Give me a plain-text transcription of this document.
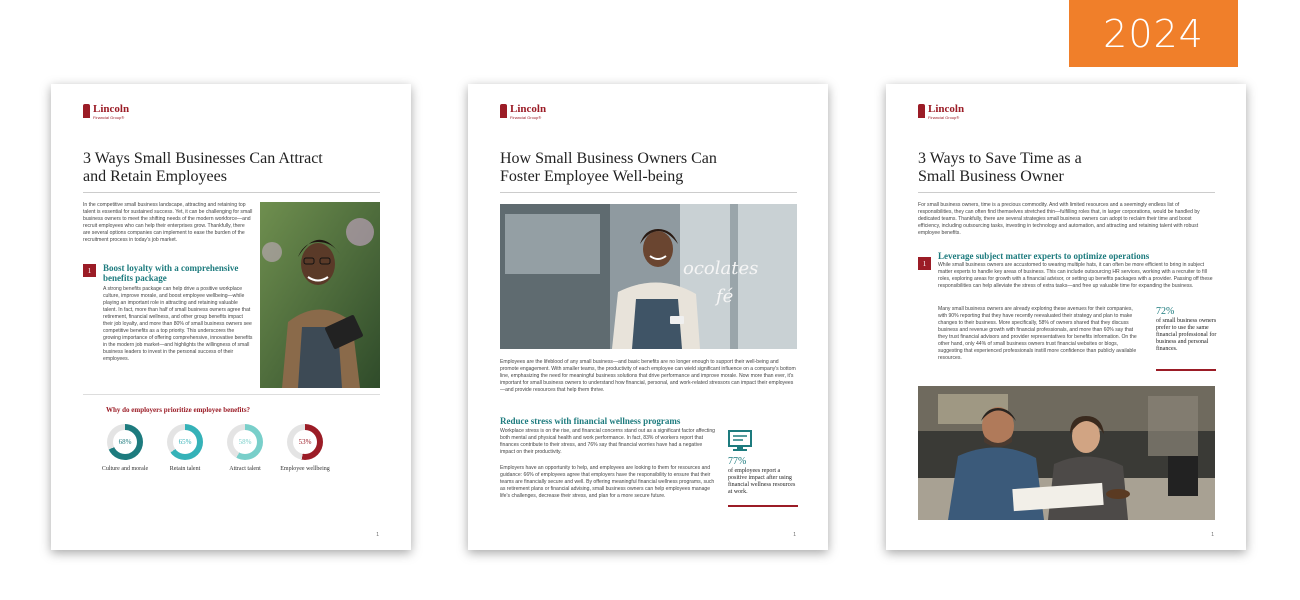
2024
Lincoln
Financial Group®
3 Ways Small Businesses Can Attract and Retain Employees

In the competitive small business landscape, attracting and retaining top talent is essential for sustained success. Yet, it can be challenging for small business owners to meet the shifting needs of the modern workforce—and recruit employees who can help their enterprises grow. Thankfully, there are several options companies can implement to ease the burden of the recruitment process in today's job market.

1	Boost loyalty with a comprehensive benefits package

A strong benefits package can help drive a positive workplace culture, improve morale, and boost employee wellbeing—while playing an important role in attracting and retaining valuable talent. In fact, more than half of small business owners agree that retirement, financial wellness, and other group benefits impact their job loyalty, and more than 80% of small business owners see competitive benefits as a top priority. This underscores the growing importance of offering comprehensive, innovative benefits in the modern job market—and highlights the willingness of small business leaders to invest in the personal success of their employees.

Why do employers prioritize employee benefits?
68%
Culture and morale
65%
Retain talent
58%
Attract talent
53%
Employee wellbeing
1
Lincoln
Financial Group®
How Small Business Owners Can Foster Employee Well-being
ocolates
fé

Employees are the lifeblood of any small business—and basic benefits are no longer enough to support their well-being and promote engagement. With smaller teams, the productivity of each employee can wield significant influence on a company's bottom line, emphasizing the need for meaningful business solutions that drive performance and improve morale. Now more than ever, it's important for small business owners to understand how financial, personal, and work-related stressors can impact their employees—and provide resources that help them thrive.

Reduce stress with financial wellness programs

Workplace stress is on the rise, and financial concerns stand out as a significant factor affecting both mental and physical health and work performance. In fact, 83% of workers report that finances contribute to their stress, and 76% say that financial worries have had a negative impact on their productivity.

Employers have an opportunity to help, and employees are looking to them for resources and guidance: 66% of employees agree that employers have the responsibility to ensure that their teams are financially secure and well. By offering meaningful financial wellness programs, such as retirement plans or financial advising, small business owners can help employees manage life's challenges, decrease their stress, and plan for a more secure future.

77%
of employees report a positive impact after using financial wellness resources at work.
1
Lincoln
Financial Group®
3 Ways to Save Time as a Small Business Owner

For small business owners, time is a precious commodity. And with limited resources and a seemingly endless list of responsibilities, they can often find themselves stretched thin—fulfilling roles that, in larger corporations, would be handled by dedicated teams. Thankfully, there are several strategies small business owners can adopt to reclaim their time and boost efficiency, including outsourcing tasks, investing in technology and automation, and attracting and retaining talent with robust employee benefits.

1
Leverage subject matter experts to optimize operations

While small business owners are accustomed to wearing multiple hats, it can often be more efficient to bring in subject matter experts to handle key areas of business. This can include outsourcing HR services, working with a recruiter to fill roles, exploring areas for growth with a financial advisor, or setting up benefits packages with a provider. Passing off these responsibilities can help alleviate the stress of extra tasks—and free up valuable time for expanding the business.

Many small business owners are already exploring these avenues for their companies, with 90% reporting that they have recently reevaluated their strategy and plan to make changes to their business. More specifically, 58% of owners shared that they discuss business and revenue growth with financial professionals, and more than 60% say that they trust financial advisors and provider representatives for benefits information. On the other hand, only 44% of small business owners trust financial websites or blogs, suggesting that experienced professionals instill more confidence than publicly available resources.

72%
of small business owners prefer to use the same financial professional for business and personal finances.
1
